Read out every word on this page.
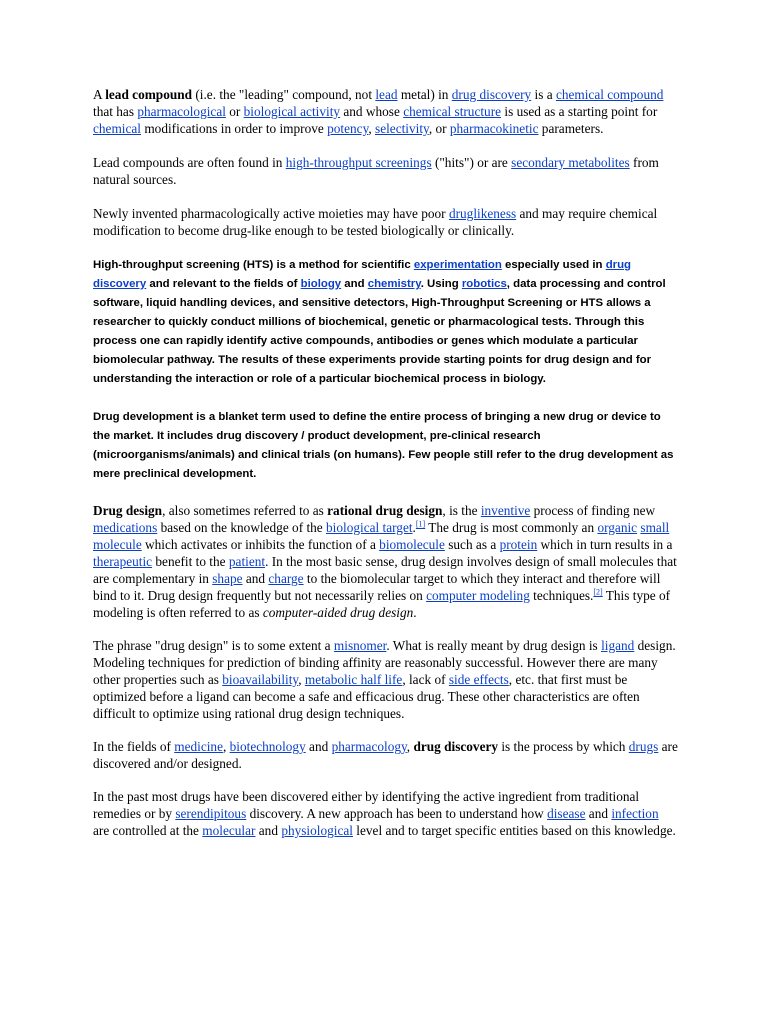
A lead compound (i.e. the "leading" compound, not lead metal) in drug discovery is a chemical compound that has pharmacological or biological activity and whose chemical structure is used as a starting point for chemical modifications in order to improve potency, selectivity, or pharmacokinetic parameters.

Lead compounds are often found in high-throughput screenings ("hits") or are secondary metabolites from natural sources.

Newly invented pharmacologically active moieties may have poor druglikeness and may require chemical modification to become drug-like enough to be tested biologically or clinically.

High-throughput screening (HTS) is a method for scientific experimentation especially used in drug discovery and relevant to the fields of biology and chemistry. Using robotics, data processing and control software, liquid handling devices, and sensitive detectors, High-Throughput Screening or HTS allows a researcher to quickly conduct millions of biochemical, genetic or pharmacological tests. Through this process one can rapidly identify active compounds, antibodies or genes which modulate a particular biomolecular pathway. The results of these experiments provide starting points for drug design and for understanding the interaction or role of a particular biochemical process in biology.

Drug development is a blanket term used to define the entire process of bringing a new drug or device to the market. It includes drug discovery / product development, pre-clinical research (microorganisms/animals) and clinical trials (on humans). Few people still refer to the drug development as mere preclinical development.

Drug design, also sometimes referred to as rational drug design, is the inventive process of finding new medications based on the knowledge of the biological target.[1] The drug is most commonly an organic small molecule which activates or inhibits the function of a biomolecule such as a protein which in turn results in a therapeutic benefit to the patient. In the most basic sense, drug design involves design of small molecules that are complementary in shape and charge to the biomolecular target to which they interact and therefore will bind to it. Drug design frequently but not necessarily relies on computer modeling techniques.[2] This type of modeling is often referred to as computer-aided drug design.

The phrase "drug design" is to some extent a misnomer. What is really meant by drug design is ligand design. Modeling techniques for prediction of binding affinity are reasonably successful. However there are many other properties such as bioavailability, metabolic half life, lack of side effects, etc. that first must be optimized before a ligand can become a safe and efficacious drug. These other characteristics are often difficult to optimize using rational drug design techniques.

In the fields of medicine, biotechnology and pharmacology, drug discovery is the process by which drugs are discovered and/or designed.

In the past most drugs have been discovered either by identifying the active ingredient from traditional remedies or by serendipitous discovery. A new approach has been to understand how disease and infection are controlled at the molecular and physiological level and to target specific entities based on this knowledge.
